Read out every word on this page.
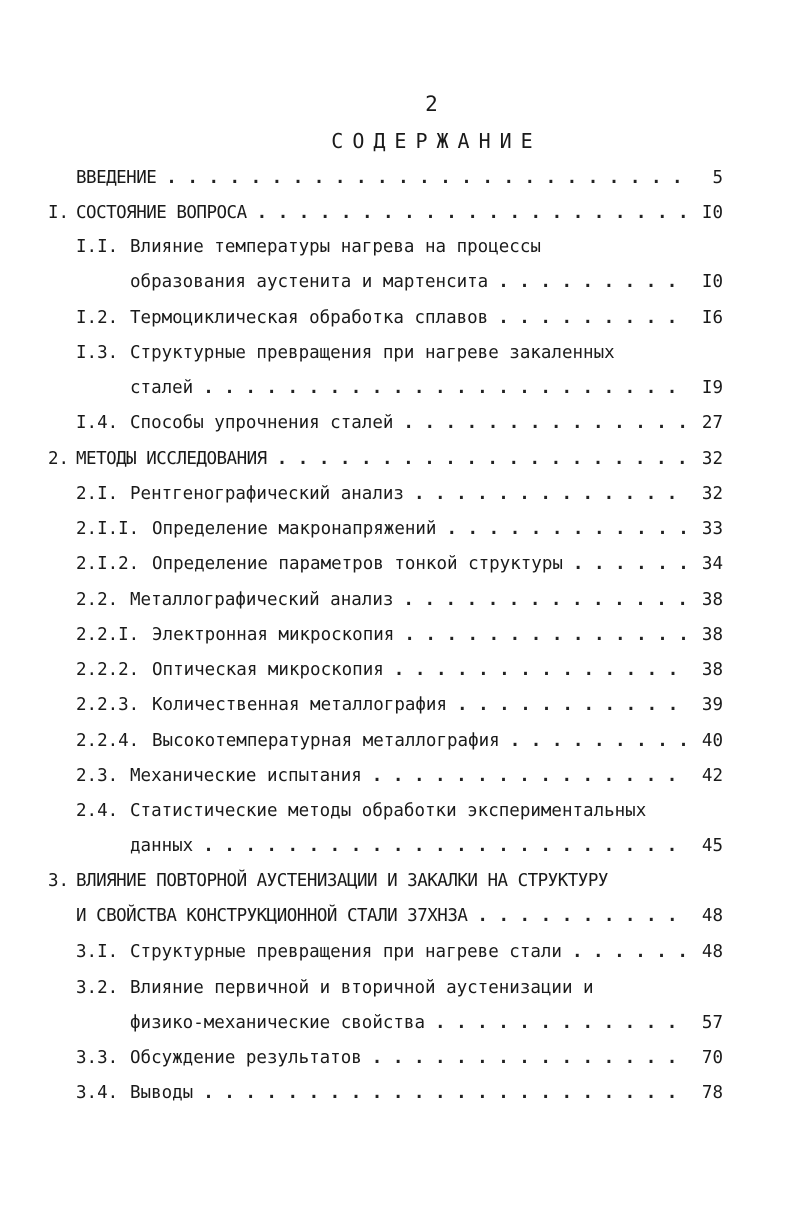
2
СОДЕРЖАНИЕ
ВВЕДЕНИЕ . . .	5
I. СОСТОЯНИЕ ВОПРОСА . . .	I0
I.I. Влияние температуры нагрева на процессы
образования аустенита и мартенсита . . .	I0
I.2. Термоциклическая обработка сплавов . . .	I6
I.3. Структурные превращения при нагреве закаленных
сталей . . .	I9
I.4. Способы упрочнения сталей . . .	27
2. МЕТОДЫ ИССЛЕДОВАНИЯ . . .	32
2.I. Рентгенографический анализ . . .	32
2.I.I. Определение макронапряжений . . .	33
2.I.2. Определение параметров тонкой структуры . . .	34
2.2. Металлографический анализ . . .	38
2.2.I. Электронная микроскопия . . .	38
2.2.2. Оптическая микроскопия . . .	38
2.2.3. Количественная металлография . . .	39
2.2.4. Высокотемпературная металлография . . .	40
2.3. Механические испытания . . .	42
2.4. Статистические методы обработки экспериментальных
данных . . .	45
3. ВЛИЯНИЕ ПОВТОРНОЙ АУСТЕНИЗАЦИИ И ЗАКАЛКИ НА СТРУКТУРУ
И СВОЙСТВА КОНСТРУКЦИОННОЙ СТАЛИ 37ХН3А . . .	48
3.I. Структурные превращения при нагреве стали . . .	48
3.2. Влияние первичной и вторичной аустенизации и
физико-механические свойства . . .	57
3.3. Обсуждение результатов . . .	70
3.4. Выводы . . .	78
